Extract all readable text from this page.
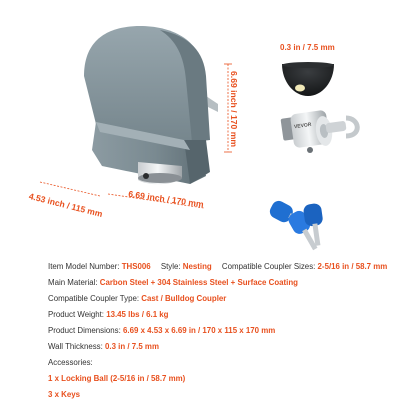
6.69 inch / 170 mm
6.69 inch / 170 mm
4.53 inch / 115 mm
0.3 in / 7.5 mm
VEVOR
Item Model Number: THS006 Style: Nesting Compatible Coupler Sizes: 2-5/16 in / 58.7 mm
Main Material: Carbon Steel + 304 Stainless Steel + Surface Coating
Compatible Coupler Type: Cast / Bulldog Coupler
Product Weight: 13.45 lbs / 6.1 kg
Product Dimensions: 6.69 x 4.53 x 6.69 in / 170 x 115 x 170 mm
Wall Thickness: 0.3 in / 7.5 mm
Accessories:
1 x Locking Ball (2-5/16 in / 58.7 mm)
3 x Keys
